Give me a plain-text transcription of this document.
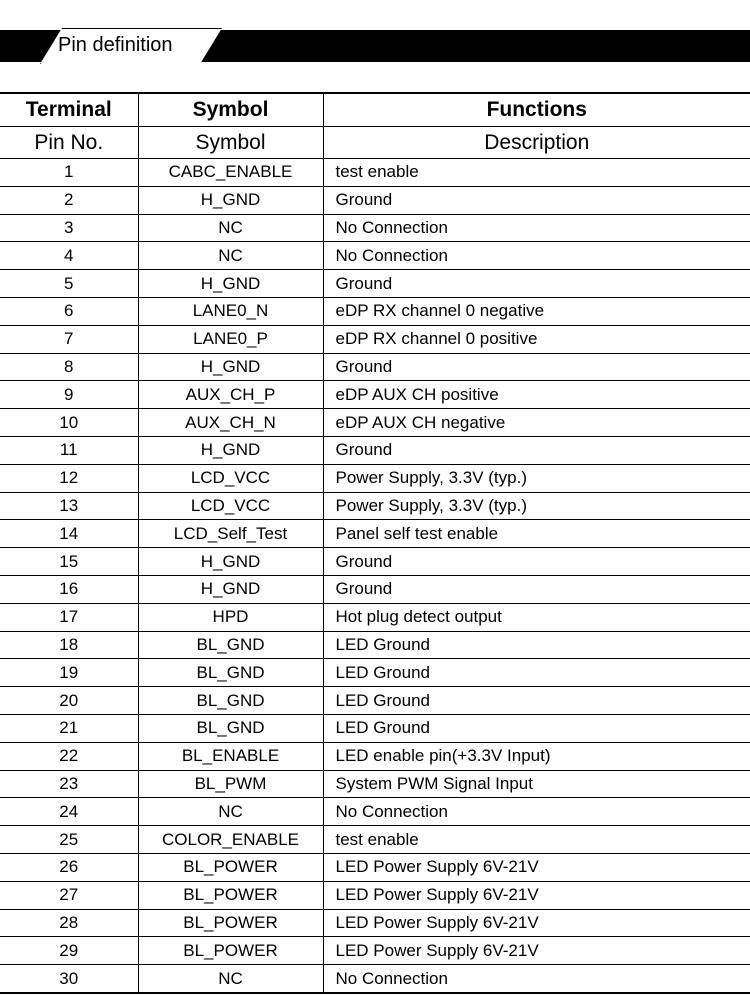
Pin definition
Terminal	Symbol	Functions
Pin No.	Symbol	Description
1	CABC_ENABLE	test enable
2	H_GND	Ground
3	NC	No Connection
4	NC	No Connection
5	H_GND	Ground
6	LANE0_N	eDP RX channel 0 negative
7	LANE0_P	eDP RX channel 0 positive
8	H_GND	Ground
9	AUX_CH_P	eDP AUX CH positive
10	AUX_CH_N	eDP AUX CH negative
11	H_GND	Ground
12	LCD_VCC	Power Supply, 3.3V (typ.)
13	LCD_VCC	Power Supply, 3.3V (typ.)
14	LCD_Self_Test	Panel self test enable
15	H_GND	Ground
16	H_GND	Ground
17	HPD	Hot plug detect output
18	BL_GND	LED Ground
19	BL_GND	LED Ground
20	BL_GND	LED Ground
21	BL_GND	LED Ground
22	BL_ENABLE	LED enable pin(+3.3V Input)
23	BL_PWM	System PWM Signal Input
24	NC	No Connection
25	COLOR_ENABLE	test enable
26	BL_POWER	LED Power Supply 6V-21V
27	BL_POWER	LED Power Supply 6V-21V
28	BL_POWER	LED Power Supply 6V-21V
29	BL_POWER	LED Power Supply 6V-21V
30	NC	No Connection
